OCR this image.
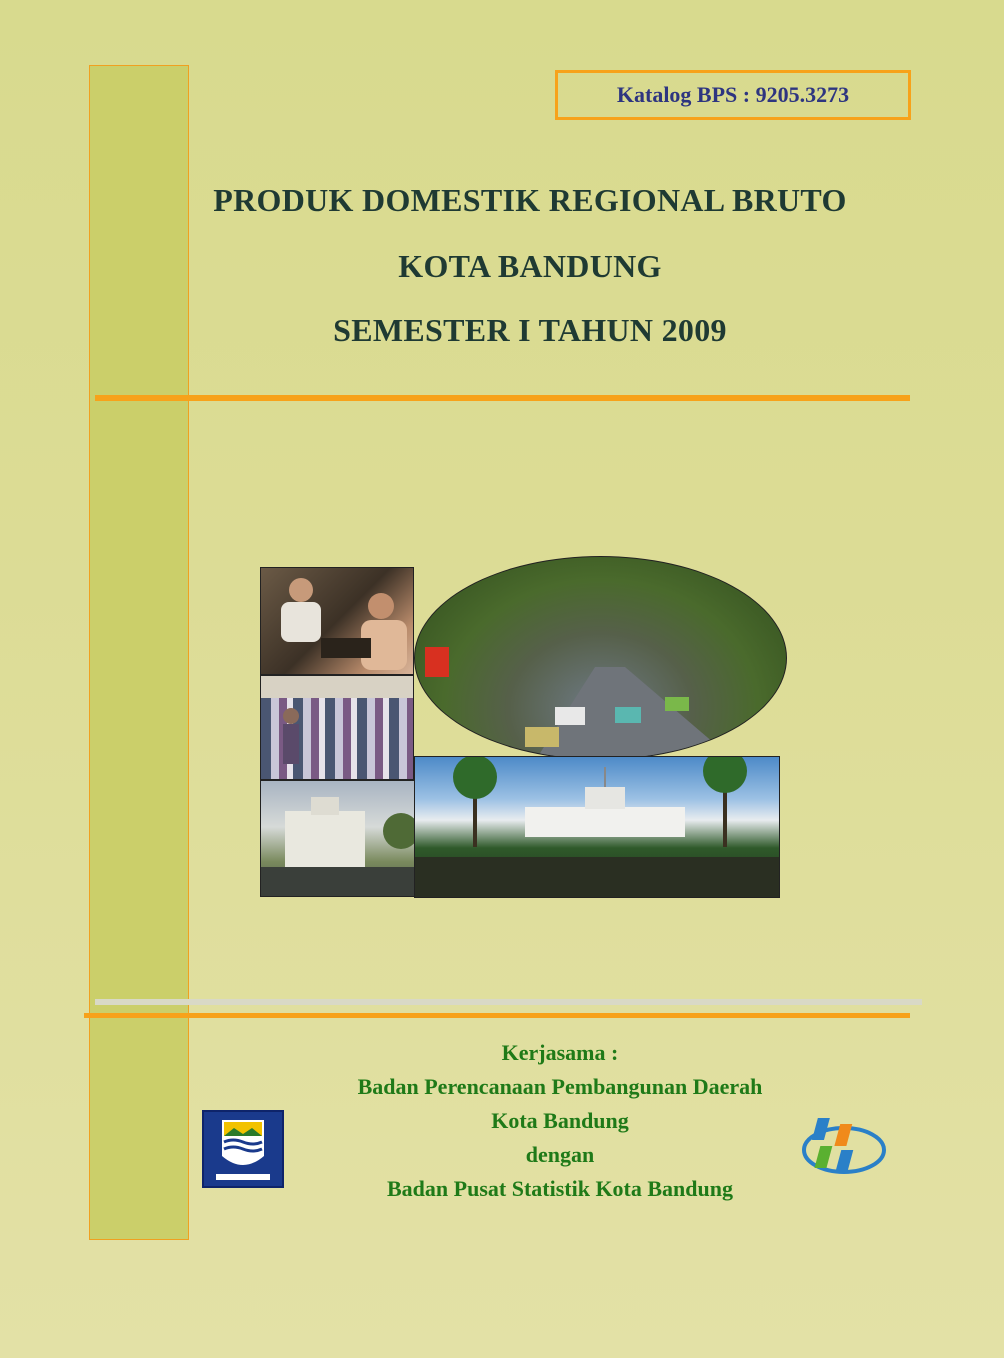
Katalog BPS : 9205.3273
PRODUK DOMESTIK REGIONAL BRUTO
KOTA BANDUNG
SEMESTER I TAHUN 2009
Kerjasama :
Badan Perencanaan Pembangunan Daerah
Kota Bandung
dengan
Badan Pusat Statistik Kota Bandung
